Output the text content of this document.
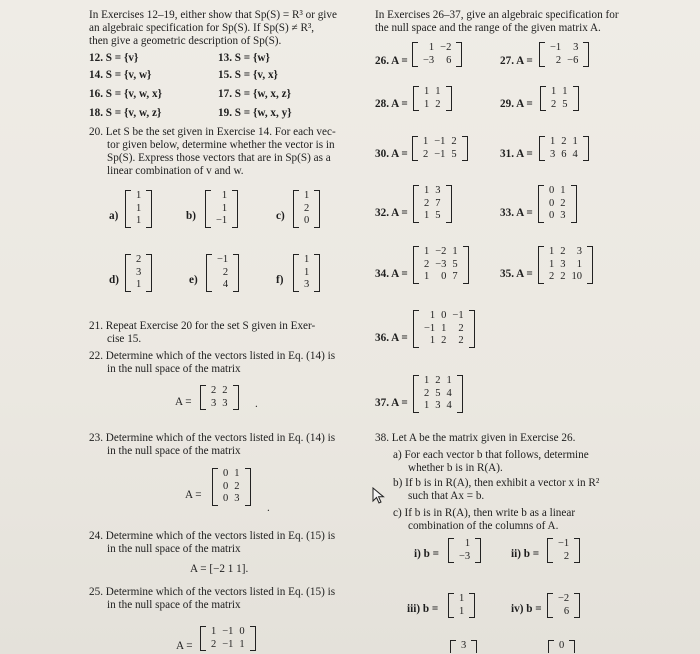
In Exercises 12–19, either show that Sp(S) = R³ or give
an algebraic specification for Sp(S). If Sp(S) ≠ R³,
then give a geometric description of Sp(S).
12. S = {v}	13. S = {w}
14. S = {v, w}	15. S = {v, x}
16. S = {v, w, x}	17. S = {w, x, z}
18. S = {v, w, z}	19. S = {w, x, y}
20. Let S be the set given in Exercise 14. For each vec-
tor given below, determine whether the vector is in
Sp(S). Express those vectors that are in Sp(S) as a
linear combination of v and w.
a)
1
1
1	b)
1
1
−1	c)
1
2
0
d)
2
3
1	e)
−1
2
4	f)
1
1
3
21. Repeat Exercise 20 for the set S given in Exer-
cise 15.
22. Determine which of the vectors listed in Eq. (14) is
in the null space of the matrix
A =
2	2
3	3 .
23. Determine which of the vectors listed in Eq. (14) is
in the null space of the matrix
A =
0	1
0	2
0	3
.
24. Determine which of the vectors listed in Eq. (15) is
in the null space of the matrix
A = [−2 1 1].
25. Determine which of the vectors listed in Eq. (15) is
in the null space of the matrix
A =
1	−1	0
2	−1	1
In Exercises 26–37, give an algebraic specification for
the null space and the range of the given matrix A.
26. A =
1	−2
−3	6	27. A =
−1	3
2	−6
28. A =
1	1
1	2	29. A =
1	1
2	5
30. A =
1	−1	2
2	−1	5	31. A =
1	2	1
3	6	4
32. A =
1	3
2	7
1	5	33. A =
0	1
0	2
0	3
34. A =
1	−2	1
2	−3	5
1	0	7	35. A =
1	2	3
1	3	1
2	2	10
36. A =
1	0	−1
−1	1	2
1	2	2
37. A =
1	2	1
2	5	4
1	3	4
38. Let A be the matrix given in Exercise 26.
a) For each vector b that follows, determine
whether b is in R(A).
b) If b is in R(A), then exhibit a vector x in R²
such that Ax = b.
c) If b is in R(A), then write b as a linear
combination of the columns of A.
i) b =
1
−3	ii) b =
−1
2
iii) b =
1
1	iv) b =
−2
6
3	0
